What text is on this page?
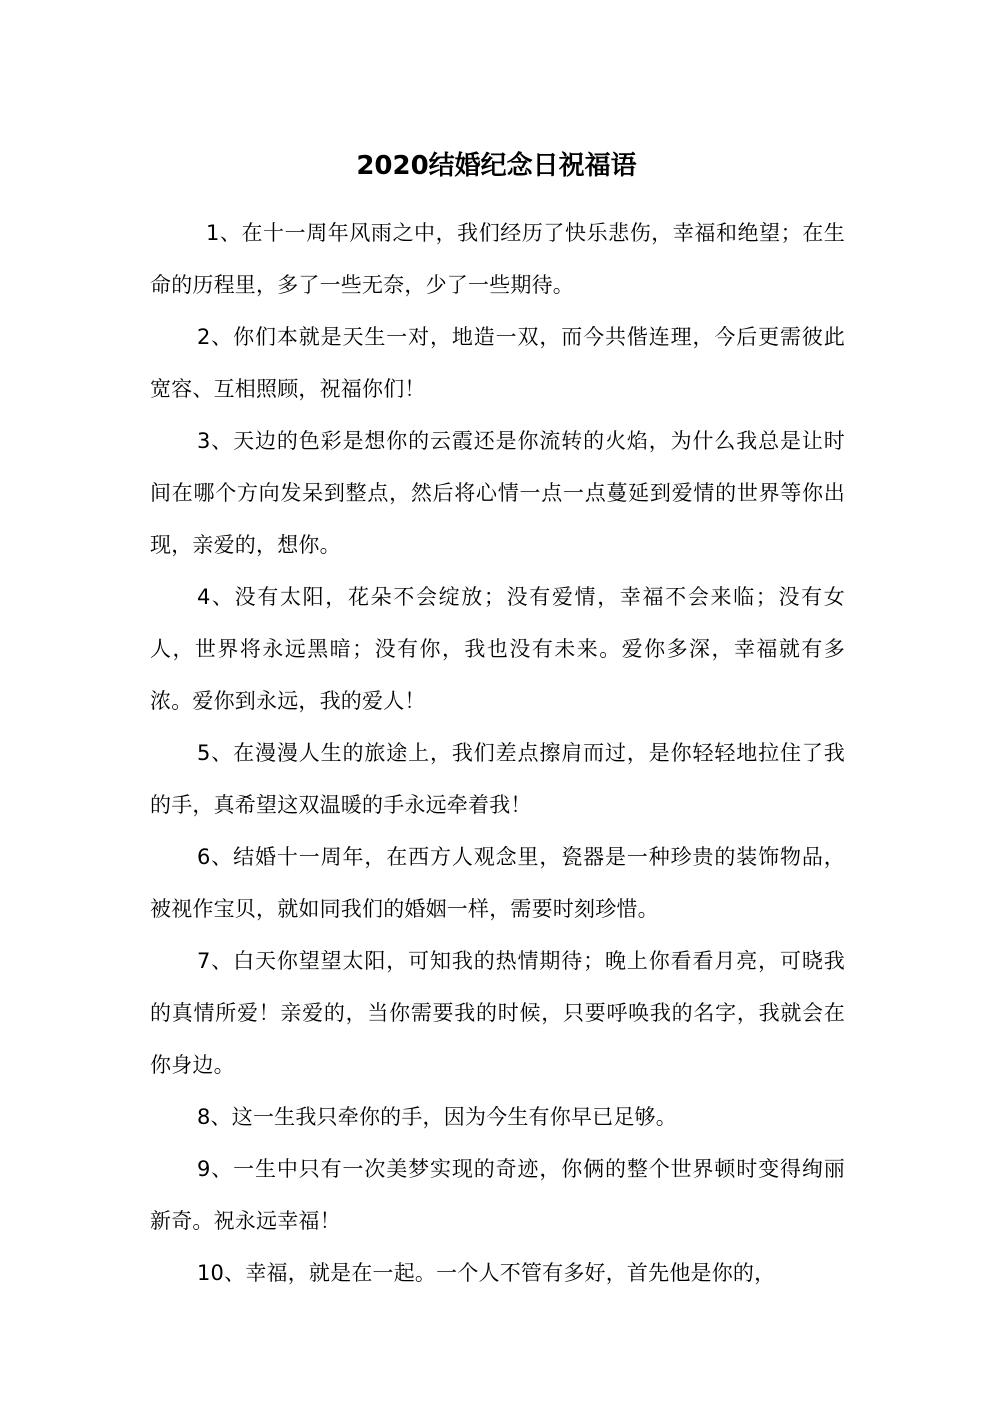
2020结婚纪念日祝福语

1、在十一周年风雨之中，我们经历了快乐悲伤，幸福和绝望；在生命的历程里，多了一些无奈，少了一些期待。

2、你们本就是天生一对，地造一双，而今共偕连理，今后更需彼此宽容、互相照顾，祝福你们！

3、天边的色彩是想你的云霞还是你流转的火焰，为什么我总是让时间在哪个方向发呆到整点，然后将心情一点一点蔓延到爱情的世界等你出现，亲爱的，想你。

4、没有太阳，花朵不会绽放；没有爱情，幸福不会来临；没有女人，世界将永远黑暗；没有你，我也没有未来。爱你多深，幸福就有多浓。爱你到永远，我的爱人！

5、在漫漫人生的旅途上，我们差点擦肩而过，是你轻轻地拉住了我的手，真希望这双温暖的手永远牵着我！

6、结婚十一周年，在西方人观念里，瓷器是一种珍贵的装饰物品，被视作宝贝，就如同我们的婚姻一样，需要时刻珍惜。

7、白天你望望太阳，可知我的热情期待；晚上你看看月亮，可晓我的真情所爱！亲爱的，当你需要我的时候，只要呼唤我的名字，我就会在你身边。

8、这一生我只牵你的手，因为今生有你早已足够。

9、一生中只有一次美梦实现的奇迹，你俩的整个世界顿时变得绚丽新奇。祝永远幸福！

10、幸福，就是在一起。一个人不管有多好，首先他是你的，
